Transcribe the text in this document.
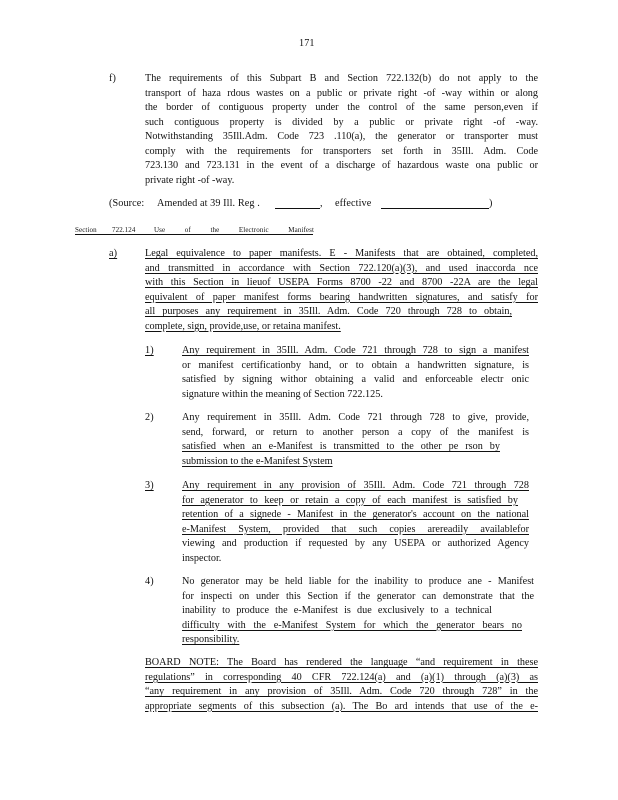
171
f)	The requirements of this Subpart B and Section 722.132(b) do not apply to the
transport of haza rdous wastes on a public or private right -of -way within or along
the border of contiguous property under the control of the same person,even if
such contiguous property is divided by a public or private right -of -way.
Notwithstanding 35Ill.Adm. Code 723 .110(a), the generator or transporter must
comply with the requirements for transporters set forth in 35Ill. Adm. Code
723.130 and 723.131 in the event of a discharge of hazardous waste ona public or
private right -of -way.
(Source: Amended at 39 Ill. Reg .	, effective	)
Section 722.124	Use of the Electronic Manifest
a)	Legal equivalence to paper manifests. E - Manifests that are obtained, completed,
and transmitted in accordance with Section 722.120(a)(3), and used inaccorda nce
with this Section in lieuof USEPA Forms 8700 -22 and 8700 -22A are the legal
equivalent of paper manifest forms bearing handwritten signatures, and satisfy for
all purposes any requirement in 35Ill. Adm. Code 720 through 728 to obtain,
complete, sign, provide,use, or retaina manifest.
1)	Any requirement in 35Ill. Adm. Code 721 through 728 to sign a manifest
or manifest certificationby hand, or to obtain a handwritten signature, is
satisfied by signing withor obtaining a valid and enforceable electr onic
signature within the meaning of Section 722.125.
2)	Any requirement in 35Ill. Adm. Code 721 through 728 to give, provide,
send, forward, or return to another person a copy of the manifest is
satisfied when an e-Manifest is transmitted to the other pe rson by
submission to the e-Manifest System
3)	Any requirement in any provision of 35Ill. Adm. Code 721 through 728
for agenerator to keep or retain a copy of each manifest is satisfied by
retention of a signede - Manifest in the generator's account on the national
e-Manifest System, provided that such copies arereadily availablefor
viewing and production if requested by any USEPA or authorized Agency
inspector.
4)	No generator may be held liable for the inability to produce ane - Manifest
for inspecti on under this Section if the generator can demonstrate that the
inability to produce the e-Manifest is due exclusively to a technical
difficulty with the e-Manifest System for which the generator bears no
responsibility.
BOARD NOTE: The Board has rendered the language “and requirement in these
regulations” in corresponding 40 CFR 722.124(a) and (a)(1) through (a)(3) as
“any requirement in any provision of 35Ill. Adm. Code 720 through 728” in the
appropriate segments of this subsection (a). The Bo ard intends that use of the e-
